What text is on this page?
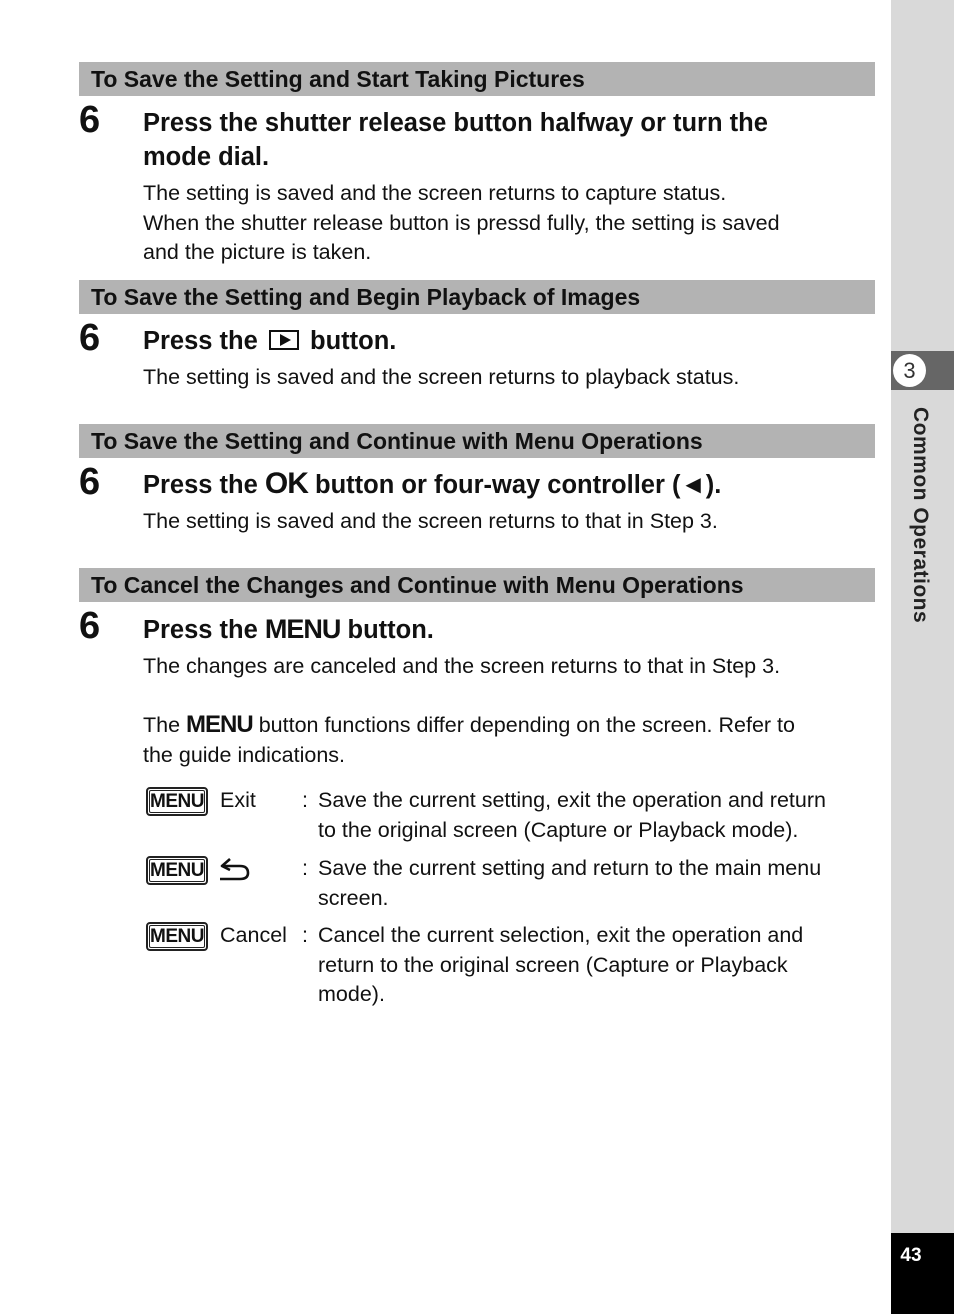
3
Common Operations
43
To Save the Setting and Start Taking Pictures
6 Press the shutter release button halfway or turn the
mode dial.
The setting is saved and the screen returns to capture status.
When the shutter release button is pressd fully, the setting is saved
and the picture is taken.
To Save the Setting and Begin Playback of Images
6 Press the button.
The setting is saved and the screen returns to playback status.
To Save the Setting and Continue with Menu Operations
6 Press the OK button or four-way controller (◄).
The setting is saved and the screen returns to that in Step 3.
To Cancel the Changes and Continue with Menu Operations
6 Press the MENU button.
The changes are canceled and the screen returns to that in Step 3.
The MENU button functions differ depending on the screen. Refer to
the guide indications.
MENU Exit : Save the current setting, exit the operation and return
to the original screen (Capture or Playback mode).
MENU	: Save the current setting and return to the main menu
screen.
MENU Cancel : Cancel the current selection, exit the operation and
return to the original screen (Capture or Playback
mode).
